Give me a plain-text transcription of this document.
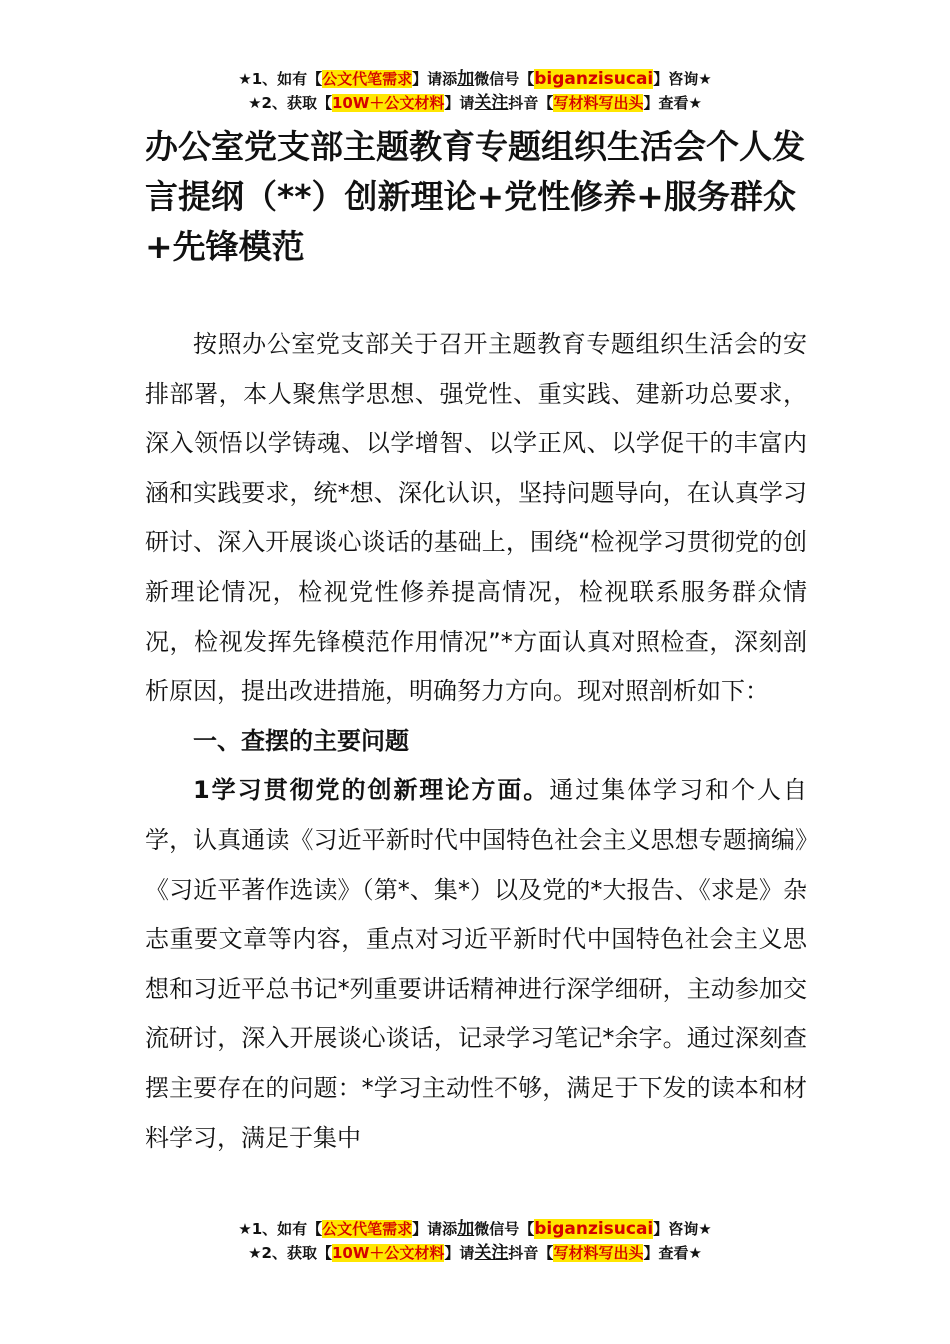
★1、如有【公文代笔需求】请添加微信号【biganzisucai】咨询★
★2、获取【10W＋公文材料】请关注抖音【写材料写出头】查看★
办公室党支部主题教育专题组织生活会个人发言提纲（**）创新理论+党性修养+服务群众+先锋模范

按照办公室党支部关于召开主题教育专题组织生活会的安排部署，本人聚焦学思想、强党性、重实践、建新功总要求，深入领悟以学铸魂、以学增智、以学正风、以学促干的丰富内涵和实践要求，统*想、深化认识，坚持问题导向，在认真学习研讨、深入开展谈心谈话的基础上，围绕“检视学习贯彻党的创新理论情况，检视党性修养提高情况，检视联系服务群众情况，检视发挥先锋模范作用情况”*方面认真对照检查，深刻剖析原因，提出改进措施，明确努力方向。现对照剖析如下：

一、查摆的主要问题

1学习贯彻党的创新理论方面。通过集体学习和个人自学，认真通读《习近平新时代中国特色社会主义思想专题摘编》《习近平著作选读》（第*、集*）以及党的*大报告、《求是》杂志重要文章等内容，重点对习近平新时代中国特色社会主义思想和习近平总书记*列重要讲话精神进行深学细研，主动参加交流研讨，深入开展谈心谈话，记录学习笔记*余字。通过深刻查摆主要存在的问题：*学习主动性不够，满足于下发的读本和材料学习，满足于集中

★1、如有【公文代笔需求】请添加微信号【biganzisucai】咨询★
★2、获取【10W＋公文材料】请关注抖音【写材料写出头】查看★
